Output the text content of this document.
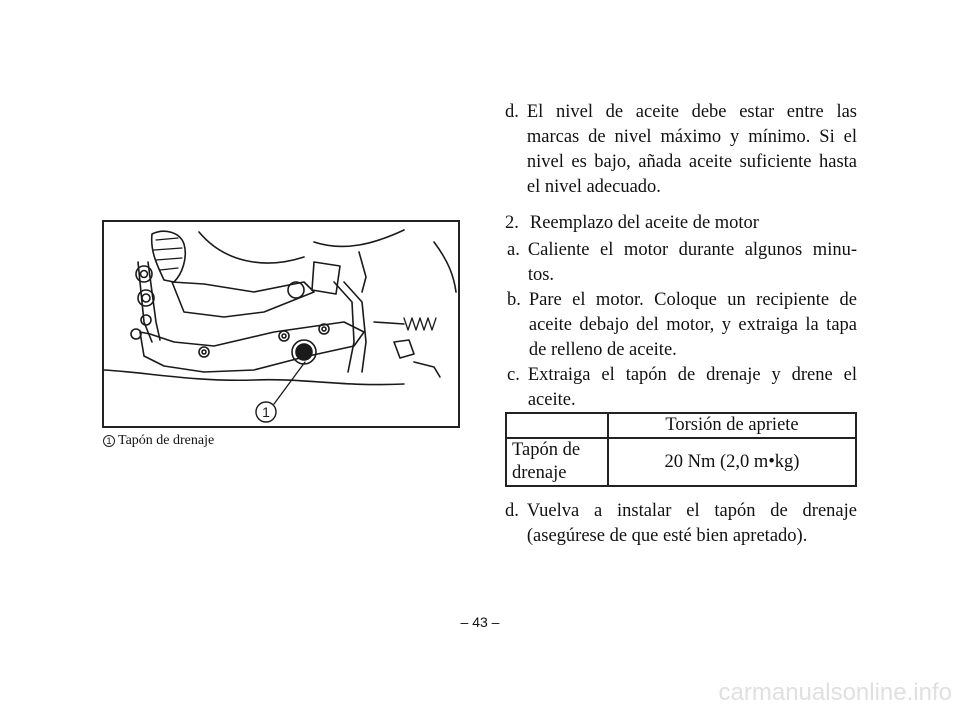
1
1 Tapón de drenaje
d. El nivel de aceite debe estar entre las marcas de nivel máximo y mínimo. Si el nivel es bajo, añada aceite suficiente hasta el nivel adecuado.
2. Reemplazo del aceite de motor
a. Caliente el motor durante algunos minu- tos.
b. Pare el motor. Coloque un recipiente de aceite debajo del motor, y extraiga la tapa de relleno de aceite.
c. Extraiga el tapón de drenaje y drene el aceite.
	Torsión de apriete
Tapón de drenaje	20 Nm (2,0 m•kg)
d. Vuelva a instalar el tapón de drenaje (asegúrese de que esté bien apretado).
– 43 –
carmanualsonline.info
